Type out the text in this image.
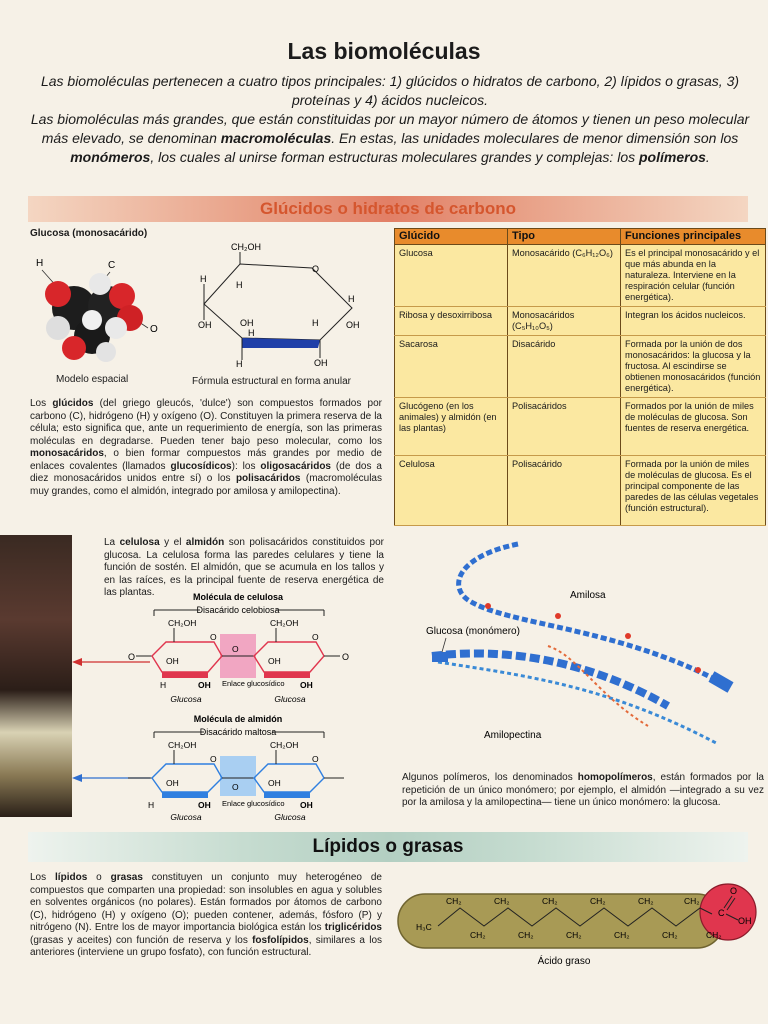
Las biomoléculas
Las biomoléculas pertenecen a cuatro tipos principales: 1) glúcidos o hidratos de carbono, 2) lípidos o grasas, 3) proteínas y 4) ácidos nucleicos.
Las biomoléculas más grandes, que están constituidas por un mayor número de átomos y tienen un peso molecular más elevado, se denominan macromoléculas. En estas, las unidades moleculares de menor dimensión son los monómeros, los cuales al unirse forman estructuras moleculares grandes y complejas: los polímeros.
Glúcidos o hidratos de carbono
Glucosa (monosacárido)
H	C
O
Modelo espacial
CH₂OH
H
O
H
OH	OH
H
H
H
OH
H	OH
Fórmula estructural en forma anular
Los glúcidos (del griego glеucós, 'dulce') son compuestos formados por carbono (C), hidrógeno (H) y oxígeno (O). Constituyen la primera reserva de la célula; esto significa que, ante un requerimiento de energía, son las primeras moléculas en degradarse. Pueden tener bajo peso molecular, como los monosacáridos, o bien formar compuestos más grandes por medio de enlaces covalentes (llamados glucosídicos): los oligosacáridos (de dos a diez monosacáridos unidos entre sí) o los polisacáridos (macromoléculas muy grandes, como el almidón, integrado por amilosa y amilopectina).
Glúcido	Tipo	Funciones principales
Glucosa	Monosacárido (C₆H₁₂O₆)	Es el principal monosacárido y el que más abunda en la naturaleza. Interviene en la respiración celular (función energética).
Ribosa y desoxirribosa	Monosacáridos (C₅H₁₀O₅)	Integran los ácidos nucleicos.
Sacarosa	Disacárido	Formada por la unión de dos monosacáridos: la glucosa y la fructosa. Al escindirse se obtienen monosacáridos (función energética).
Glucógeno (en los animales) y almidón (en las plantas)	Polisacáridos	Formados por la unión de miles de moléculas de glucosa. Son fuentes de reserva energética.
Celulosa	Polisacárido	Formada por la unión de miles de moléculas de glucosa. Es el principal componente de las paredes de las células vegetales (función estructural).
La celulosa y el almidón son polisacáridos constituidos por glucosa. La celulosa forma las paredes celulares y tiene la función de sostén. El almidón, que se acumula en los tallos y en las raíces, es la principal fuente de reserva energética de las plantas.	Molécula de celulosa
Disacárido celobiosa
O
CH₂OH
O
OH
OH
H
O
CH₂OH
O
OH
OH
O
Enlace glucosídico
Glucosa	Glucosa
Molécula de almidón
Disacárido maltosa
CH₂OH
O
OH
OH
H
O
CH₂OH
O
OH
OH
Enlace glucosídico
Glucosa	Glucosa
Amilosa
Glucosa (monómero)
Amilopectina
Algunos polímeros, los denominados homopolímeros, están formados por la repetición de un único monómero; por ejemplo, el almidón —integrado a su vez por la amilosa y la amilopectina— tiene un único monómero: la glucosa.
Lípidos o grasas
Los lípidos o grasas constituyen un conjunto muy heterogéneo de compuestos que comparten una propiedad: son insolubles en agua y solubles en solventes orgánicos (no polares). Están formados por átomos de carbono (C), hidrógeno (H) y oxígeno (O); pueden contener, además, fósforo (P) y nitrógeno (N). Entre los de mayor importancia biológica están los triglicéridos (grasas y aceites) con función de reserva y los fosfolípidos, similares a los anteriores (interviene un grupo fosfato), con función estructural.
H₃C
CH₂	CH₂	CH₂	CH₂	CH₂	CH₂
CH₂	CH₂	CH₂	CH₂	CH₂	CH₂
C
O
OH
Ácido graso
